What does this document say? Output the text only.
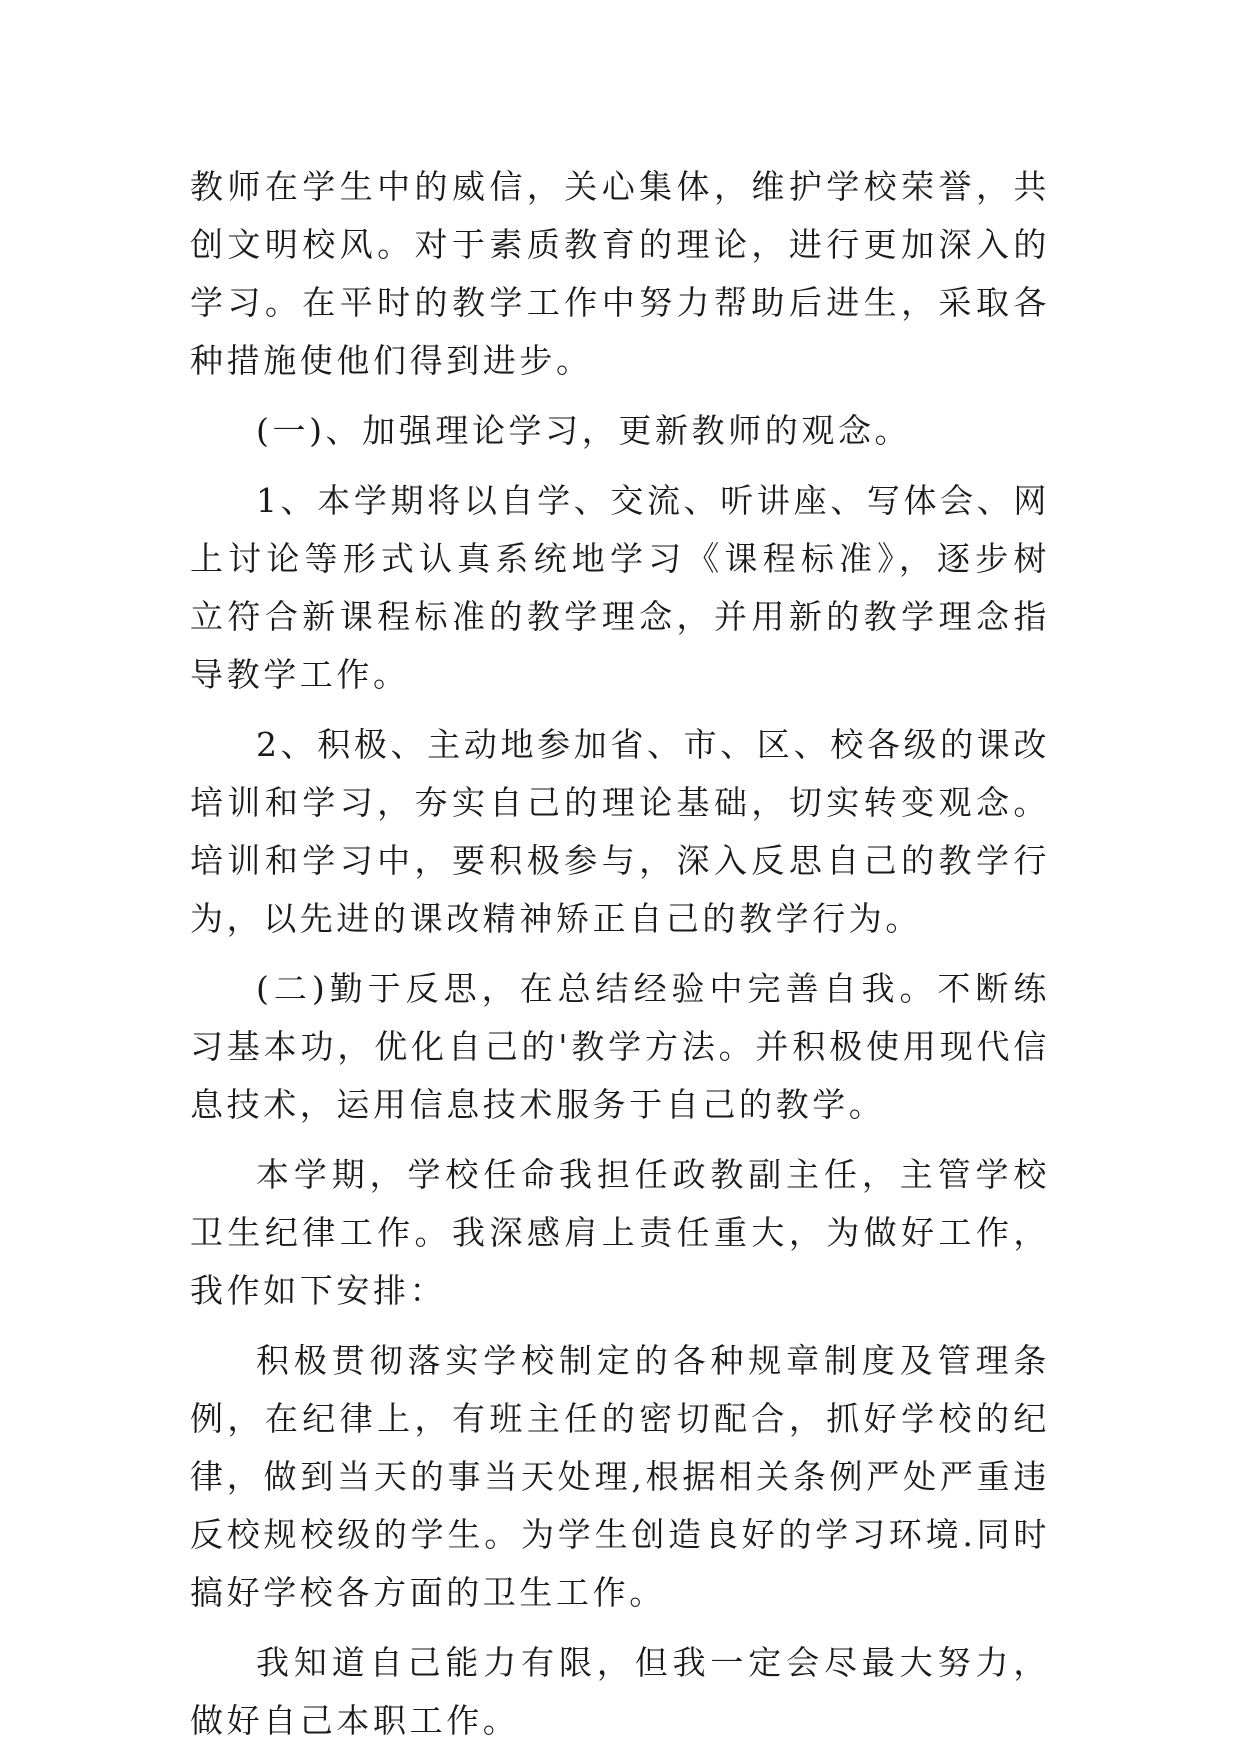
教师在学生中的威信，关心集体，维护学校荣誉，共创文明校风。对于素质教育的理论，进行更加深入的学习。在平时的教学工作中努力帮助后进生，采取各种措施使他们得到进步。

(一)、加强理论学习，更新教师的观念。

1、本学期将以自学、交流、听讲座、写体会、网上讨论等形式认真系统地学习《课程标准》，逐步树立符合新课程标准的教学理念，并用新的教学理念指导教学工作。

2、积极、主动地参加省、市、区、校各级的课改培训和学习，夯实自己的理论基础，切实转变观念。培训和学习中，要积极参与，深入反思自己的教学行为，以先进的课改精神矫正自己的教学行为。

(二)勤于反思，在总结经验中完善自我。不断练习基本功，优化自己的'教学方法。并积极使用现代信息技术，运用信息技术服务于自己的教学。

本学期，学校任命我担任政教副主任，主管学校卫生纪律工作。我深感肩上责任重大，为做好工作，我作如下安排：

积极贯彻落实学校制定的各种规章制度及管理条例，在纪律上，有班主任的密切配合，抓好学校的纪律，做到当天的事当天处理,根据相关条例严处严重违反校规校级的学生。为学生创造良好的学习环境.同时搞好学校各方面的卫生工作。

我知道自己能力有限，但我一定会尽最大努力，做好自己本职工作。
